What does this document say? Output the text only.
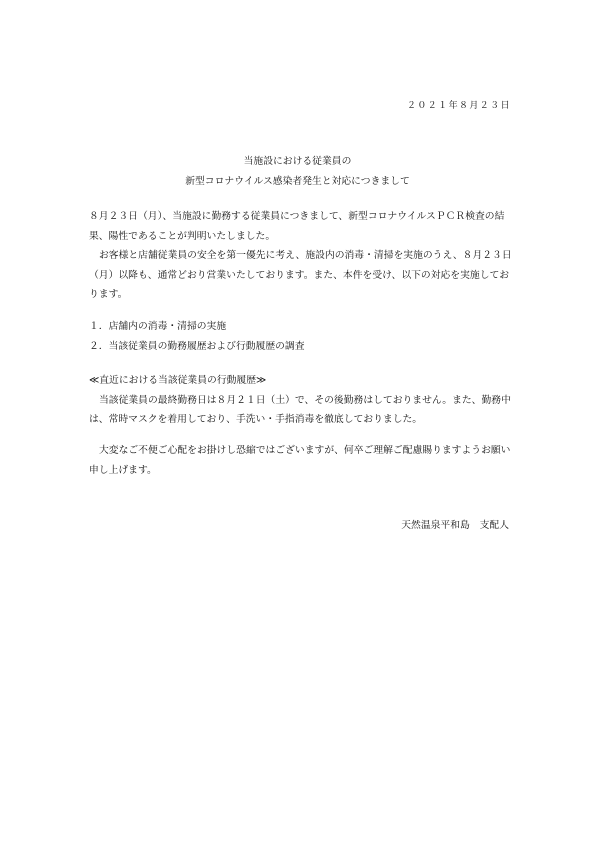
２０２１年８月２３日
当施設における従業員の
新型コロナウイルス感染者発生と対応につきまして

８月２３日（月）、当施設に勤務する従業員につきまして、新型コロナウイルスＰＣＲ検査の結果、陽性であることが判明いたしました。

お客様と店舗従業員の安全を第一優先に考え、施設内の消毒・清掃を実施のうえ、８月２３日（月）以降も、通常どおり営業いたしております。また、本件を受け、以下の対応を実施しております。

１．店舗内の消毒・清掃の実施
２．当該従業員の勤務履歴および行動履歴の調査

≪直近における当該従業員の行動履歴≫

当該従業員の最終勤務日は８月２１日（土）で、その後勤務はしておりません。また、勤務中は、常時マスクを着用しており、手洗い・手指消毒を徹底しておりました。

大変なご不便ご心配をお掛けし恐縮ではございますが、何卒ご理解ご配慮賜りますようお願い申し上げます。

天然温泉平和島　支配人
